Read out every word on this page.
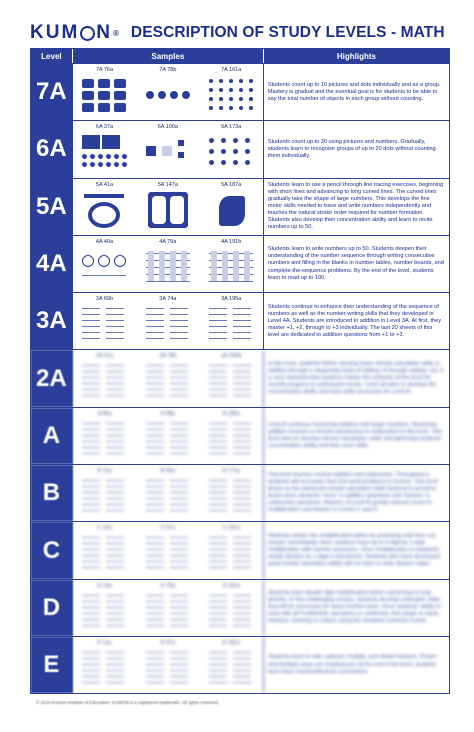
KUM N ® DESCRIPTION OF STUDY LEVELS - MATH
Level	Samples	Highlights
7A
7A 76a	7A 78b	7A 161a
Students count up to 10 pictures and dots individually and as a group. Mastery is gradual and the eventual goal is for students to be able to say the total number of objects in each group without counting.
6A
6A 37a	6A 100a	6A 173a
Students count up to 30 using pictures and numbers. Gradually, students learn to recognize groups of up to 20 dots without counting them individually.
5A
5A 41a	5A 147a	5A 187a	Students learn to use a pencil through line tracing exercises, beginning with short lines and advancing to long curved lines. The curved lines gradually take the shape of large numbers. This develops the fine motor skills needed to trace and write numbers independently and teaches the natural stroke order required for number formation. Students also develop their concentration ability and learn to recite numbers up to 50.
4A
4A 40a	4A 79a	4A 191b
Students learn to write numbers up to 50. Students deepen their understanding of the number sequence through writing consecutive numbers and filling in the blanks in number tables, number boards, and complete-the-sequence problems. By the end of the level, students learn to read up to 100.
3A
3A 69b	3A 74a	3A 195a
Students continue to enhance their understanding of the sequence of numbers as well as the number-writing skills that they developed in Level 4A. Students are introduced to addition in Level 3A. At first, they master +1, +2, through to +3 individually. The last 20 sheets of this level are dedicated to addition questions from +1 to +3.
2A
2A 31a	2A 78b	2A 200b
In this level, students further develop basic mental calculation skills in addition through a sequential study of adding +4 through adding +10. It is very important that students master the contents of this level for smooth progress in subsequent levels. Level 2A aims to develop the concentration ability and work skills necessary for Level A.
A
A 66a	A 98a	A 180a
Level A continues horizontal addition with larger numbers. Mastering addition ensures a smooth introduction to subtraction in this level. This level aims to develop mental calculation, while strengthening students' concentration ability and their work skills.
B
B 11a	B 66a	B 171a
This level teaches vertical addition and subtraction. Throughout it, students will encounter their first word problems in Kumon. This level draws on the advanced mental calculation skills fostered in previous levels when students "carry" in addition questions and "borrow" in subtraction questions. Mastery of Level B greatly reduces errors in multiplication and division in Levels C and D.
C
C 16a	C 97a	C 181a
Students master the multiplication tables by practicing until they can answer immediately. Next, students learn up to 4-digit by 1-digit multiplication with mental carryovers. Once multiplication is mastered, simple division by 1-digit is introduced. Students who have developed good mental calculation ability will not have to write division steps.
D
D 14a	D 75a	D 161a
Students learn double digit multiplication before advancing to long division. In this challenging section, students develop estimation skills that will be necessary for future fraction work. Once students' ability to work with all 4 arithmetic operations is confirmed, they begin to study fractions, learning to reduce using the Greatest Common Factor.
E
E 11a	E 97a	E 181a
Students learn to add, subtract, multiply, and divide fractions. Proper intermediate steps are emphasized. At the end of the level, students learn basic fraction/decimal conversions.
© 2014 Kumon Institute of Education. KUMON is a registered trademark. All rights reserved.
